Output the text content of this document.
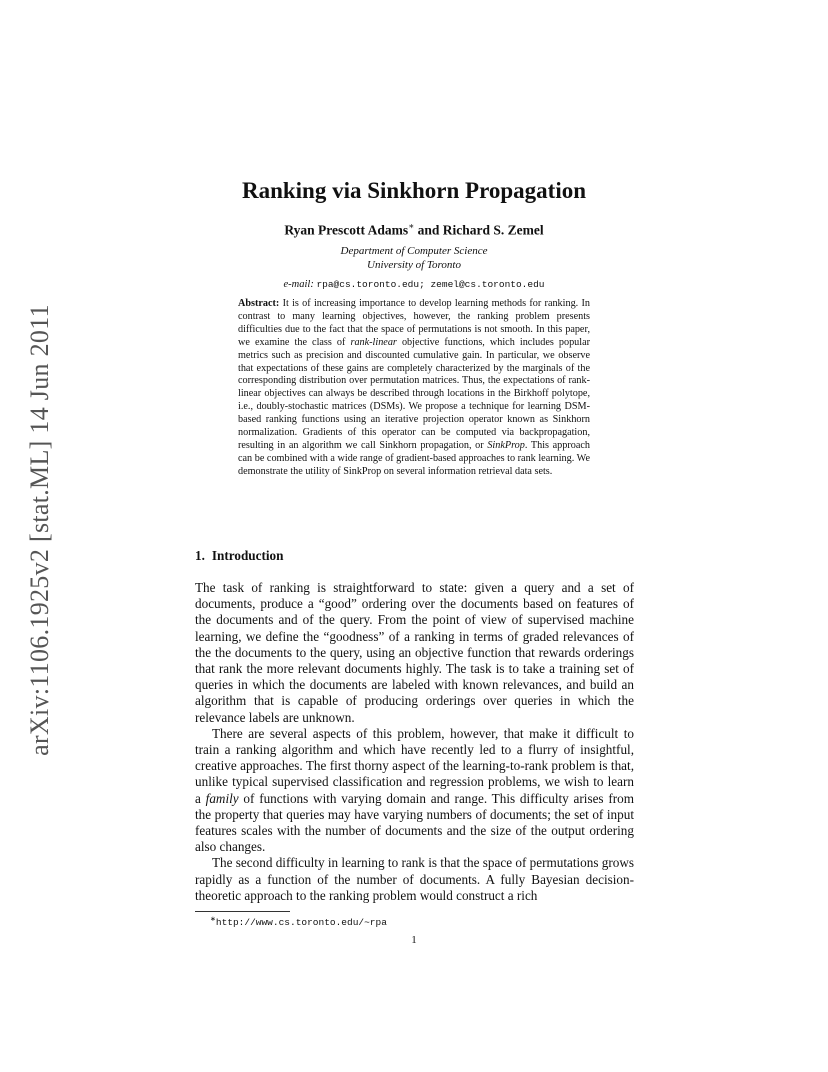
arXiv:1106.1925v2 [stat.ML] 14 Jun 2011
Ranking via Sinkhorn Propagation
Ryan Prescott Adams∗ and Richard S. Zemel
Department of Computer Science
University of Toronto
e-mail: rpa@cs.toronto.edu; zemel@cs.toronto.edu
Abstract: It is of increasing importance to develop learning methods for ranking. In contrast to many learning objectives, however, the ranking problem presents difficulties due to the fact that the space of permutations is not smooth. In this paper, we examine the class of rank-linear objective functions, which includes popular metrics such as precision and discounted cumulative gain. In particular, we observe that expectations of these gains are completely characterized by the marginals of the corresponding distribution over permutation matrices. Thus, the expectations of rank-linear objectives can always be described through locations in the Birkhoff polytope, i.e., doubly-stochastic matrices (DSMs). We propose a technique for learning DSM-based ranking functions using an iterative projection operator known as Sinkhorn normalization. Gradients of this operator can be computed via backpropagation, resulting in an algorithm we call Sinkhorn propagation, or SinkProp. This approach can be combined with a wide range of gradient-based approaches to rank learning. We demonstrate the utility of SinkProp on several information retrieval data sets.
1. Introduction

The task of ranking is straightforward to state: given a query and a set of documents, produce a “good” ordering over the documents based on features of the documents and of the query. From the point of view of supervised machine learning, we define the “goodness” of a ranking in terms of graded relevances of the the documents to the query, using an objective function that rewards orderings that rank the more relevant documents highly. The task is to take a training set of queries in which the documents are labeled with known relevances, and build an algorithm that is capable of producing orderings over queries in which the relevance labels are unknown.

There are several aspects of this problem, however, that make it difficult to train a ranking algorithm and which have recently led to a flurry of insightful, creative approaches. The first thorny aspect of the learning-to-rank problem is that, unlike typical supervised classification and regression problems, we wish to learn a family of functions with varying domain and range. This difficulty arises from the property that queries may have varying numbers of documents; the set of input features scales with the number of documents and the size of the output ordering also changes.

The second difficulty in learning to rank is that the space of permutations grows rapidly as a function of the number of documents. A fully Bayesian decision-theoretic approach to the ranking problem would construct a rich

∗http://www.cs.toronto.edu/~rpa
1
